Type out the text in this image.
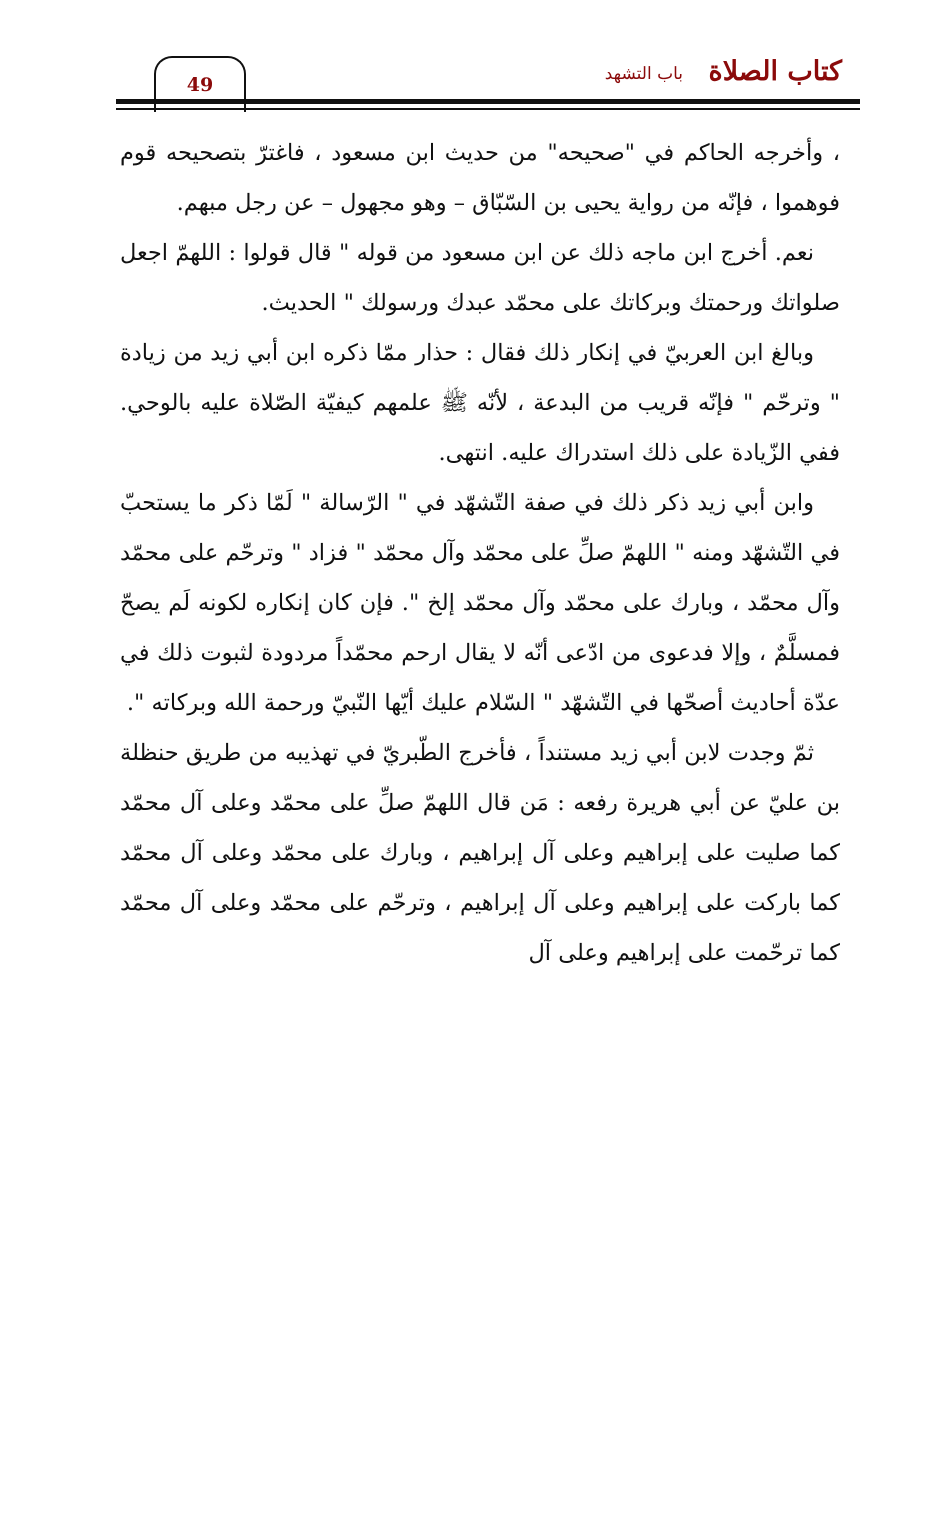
كتاب الصلاة
باب التشهد
49

، وأخرجه الحاكم في "صحيحه" من حديث ابن مسعود ، فاغترّ بتصحيحه قوم فوهموا ، فإنّه من رواية يحيى بن السّبّاق – وهو مجهول – عن رجل مبهم.

نعم. أخرج ابن ماجه ذلك عن ابن مسعود من قوله " قال قولوا : اللهمّ اجعل صلواتك ورحمتك وبركاتك على محمّد عبدك ورسولك " الحديث.

وبالغ ابن العربيّ في إنكار ذلك فقال : حذار ممّا ذكره ابن أبي زيد من زيادة " وترحّم " فإنّه قريب من البدعة ، لأنّه ﷺ علمهم كيفيّة الصّلاة عليه بالوحي. ففي الزّيادة على ذلك استدراك عليه. انتهى.

وابن أبي زيد ذكر ذلك في صفة التّشهّد في " الرّسالة " لَمّا ذكر ما يستحبّ في التّشهّد ومنه " اللهمّ صلِّ على محمّد وآل محمّد " فزاد " وترحّم على محمّد وآل محمّد ، وبارك على محمّد وآل محمّد إلخ ". فإن كان إنكاره لكونه لَم يصحّ فمسلَّمٌ ، وإلا فدعوى من ادّعى أنّه لا يقال ارحم محمّداً مردودة لثبوت ذلك في عدّة أحاديث أصحّها في التّشهّد " السّلام عليك أيّها النّبيّ ورحمة الله وبركاته ".

ثمّ وجدت لابن أبي زيد مستنداً ، فأخرج الطّبريّ في تهذيبه من طريق حنظلة بن عليّ عن أبي هريرة رفعه : مَن قال اللهمّ صلِّ على محمّد وعلى آل محمّد كما صليت على إبراهيم وعلى آل إبراهيم ، وبارك على محمّد وعلى آل محمّد كما باركت على إبراهيم وعلى آل إبراهيم ، وترحّم على محمّد وعلى آل محمّد كما ترحّمت على إبراهيم وعلى آل
